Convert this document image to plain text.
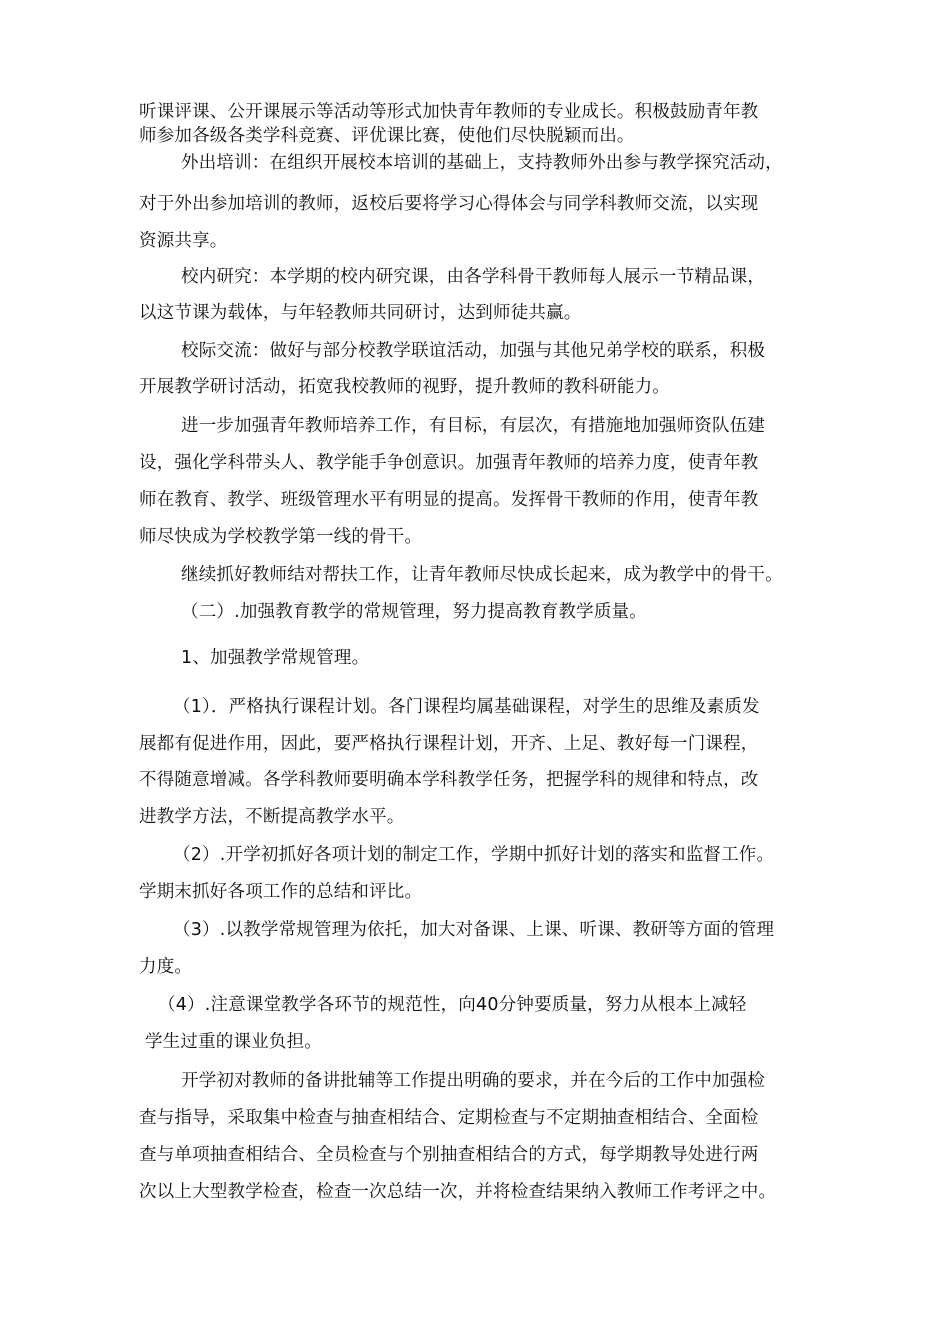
听课评课、公开课展示等活动等形式加快青年教师的专业成长。积极鼓励青年教
师参加各级各类学科竞赛、评优课比赛，使他们尽快脱颖而出。
外出培训：在组织开展校本培训的基础上，支持教师外出参与教学探究活动，
对于外出参加培训的教师，返校后要将学习心得体会与同学科教师交流，以实现
资源共享。
校内研究：本学期的校内研究课，由各学科骨干教师每人展示一节精品课，
以这节课为载体，与年轻教师共同研讨，达到师徒共赢。
校际交流：做好与部分校教学联谊活动，加强与其他兄弟学校的联系，积极
开展教学研讨活动，拓宽我校教师的视野，提升教师的教科研能力。
进一步加强青年教师培养工作，有目标，有层次，有措施地加强师资队伍建
设，强化学科带头人、教学能手争创意识。加强青年教师的培养力度，使青年教
师在教育、教学、班级管理水平有明显的提高。发挥骨干教师的作用，使青年教
师尽快成为学校教学第一线的骨干。
继续抓好教师结对帮扶工作，让青年教师尽快成长起来，成为教学中的骨干。
（二）.加强教育教学的常规管理，努力提高教育教学质量。
1、加强教学常规管理。
（1）．严格执行课程计划。各门课程均属基础课程，对学生的思维及素质发
展都有促进作用，因此，要严格执行课程计划，开齐、上足、教好每一门课程，
不得随意增减。各学科教师要明确本学科教学任务，把握学科的规律和特点，改
进教学方法，不断提高教学水平。
（2）.开学初抓好各项计划的制定工作，学期中抓好计划的落实和监督工作。
学期末抓好各项工作的总结和评比。
（3）.以教学常规管理为依托，加大对备课、上课、听课、教研等方面的管理
力度。
（4）.注意课堂教学各环节的规范性，向40分钟要质量，努力从根本上减轻
学生过重的课业负担。
开学初对教师的备讲批辅等工作提出明确的要求，并在今后的工作中加强检
查与指导，采取集中检查与抽查相结合、定期检查与不定期抽查相结合、全面检
查与单项抽查相结合、全员检查与个别抽查相结合的方式，每学期教导处进行两
次以上大型教学检查，检查一次总结一次，并将检查结果纳入教师工作考评之中。
